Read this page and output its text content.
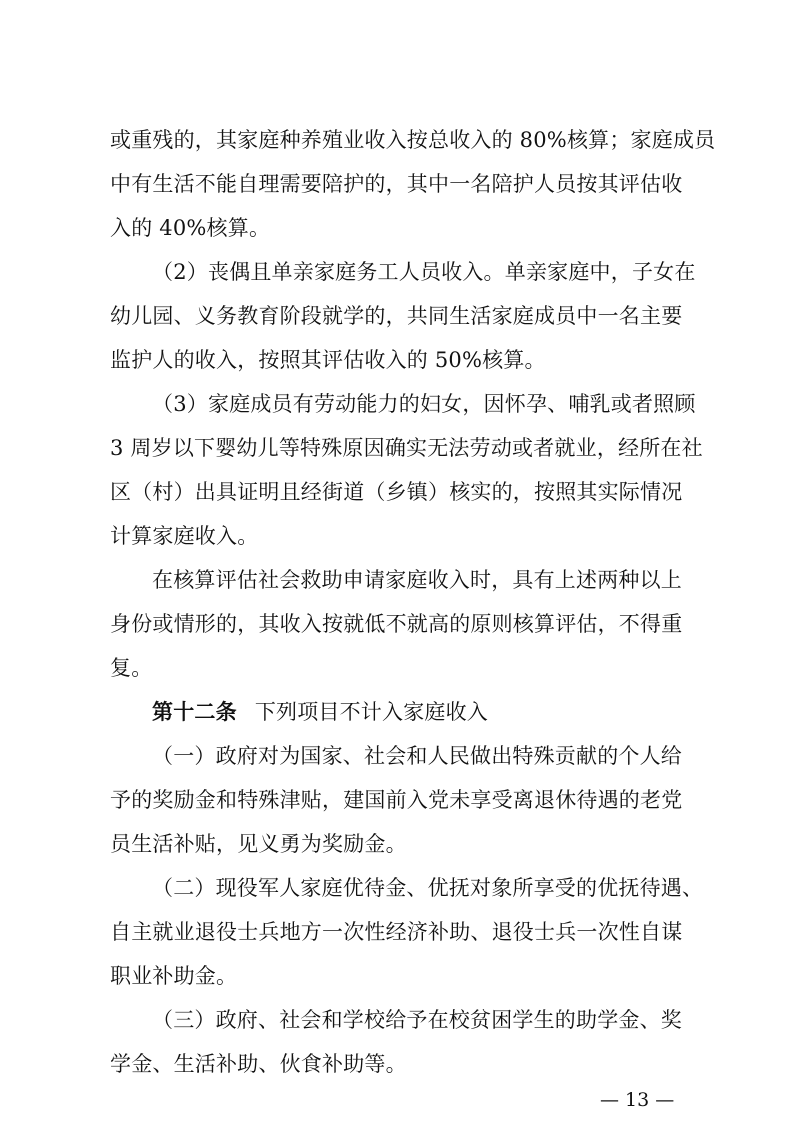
或重残的，其家庭种养殖业收入按总收入的 80%核算；家庭成员
中有生活不能自理需要陪护的，其中一名陪护人员按其评估收
入的 40%核算。
（2）丧偶且单亲家庭务工人员收入。单亲家庭中，子女在
幼儿园、义务教育阶段就学的，共同生活家庭成员中一名主要
监护人的收入，按照其评估收入的 50%核算。
（3）家庭成员有劳动能力的妇女，因怀孕、哺乳或者照顾
3 周岁以下婴幼儿等特殊原因确实无法劳动或者就业，经所在社
区（村）出具证明且经街道（乡镇）核实的，按照其实际情况
计算家庭收入。
在核算评估社会救助申请家庭收入时，具有上述两种以上
身份或情形的，其收入按就低不就高的原则核算评估，不得重
复。
第十二条 下列项目不计入家庭收入
（一）政府对为国家、社会和人民做出特殊贡献的个人给
予的奖励金和特殊津贴，建国前入党未享受离退休待遇的老党
员生活补贴，见义勇为奖励金。
（二）现役军人家庭优待金、优抚对象所享受的优抚待遇、
自主就业退役士兵地方一次性经济补助、退役士兵一次性自谋
职业补助金。
（三）政府、社会和学校给予在校贫困学生的助学金、奖
学金、生活补助、伙食补助等。
— 13 —
